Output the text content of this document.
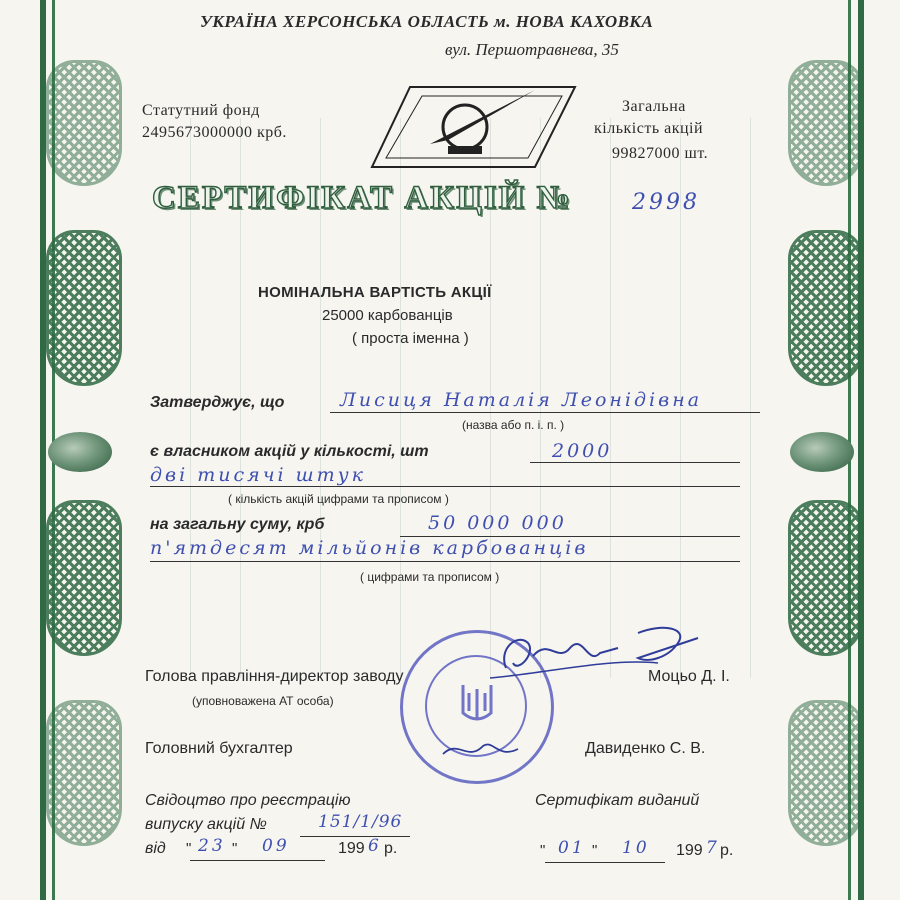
УКРАЇНА ХЕРСОНСЬКА ОБЛАСТЬ м. НОВА КАХОВКА
вул. Першотравнева, 35
Статутний фонд
2495673000000 крб.
Загальна
кількість акцій
99827000 шт.
СЕРТИФІКАТ АКЦІЙ №	2998
НОМІНАЛЬНА ВАРТІСТЬ АКЦІЇ
25000 карбованців
( проста іменна )
Затверджує, що	Лисиця Наталія Леонідівна
(назва або п. і. п. )
є власником акцій у кількості, шт	2000
дві тисячі штук
( кількість акцій цифрами та прописом )
на загальну суму, крб	50 000 000
п'ятдесят мільйонів карбованців
( цифрами та прописом )
Голова правління-директор заводу
(уповноважена АТ особа)
Моцьо Д. І.
Головний бухгалтер	Давиденко С. В.
Свідоцтво про реєстрацію
випуску акцій №	151/1/96
від " 23 " 09	199 6 р.
Сертифікат виданий
" 01 " 10 199 7 р.
